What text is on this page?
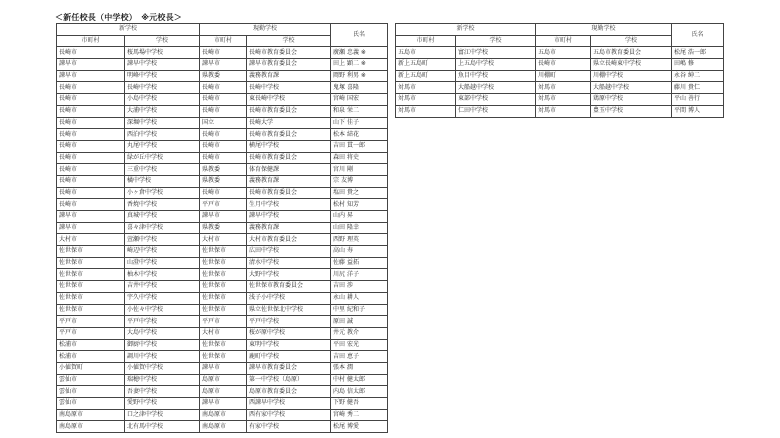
＜新任校長（中学校）　※元校長＞
新学校		現勤学校		氏名
市町村	学校	市町村	学校	
長崎市	桜馬場中学校	長崎市	長崎市教育委員会	廣瀬 忠義 ※
諫早市	諫早中学校	諫早市	諫早市教育委員会	田上 顕二 ※
諫早市	明峰中学校	県教委	義務教育課	岡野 利男 ※
長崎市	長崎中学校	長崎市	長崎中学校	鬼塚 喜隆
長崎市	小島中学校	長崎市	東長崎中学校	宮崎 国宏
長崎市	大浦中学校	長崎市	長崎市教育委員会	和泉 栄二
長崎市	深堀中学校	国立	長崎大学	山下 佳子
長崎市	西泊中学校	長崎市	長崎市教育委員会	松本 結花
長崎市	丸尾中学校	長崎市	横尾中学校	吉田 貫一郎
長崎市	緑が丘中学校	長崎市	長崎市教育委員会	森田 将史
長崎市	三重中学校	県教委	体育保健課	宮川 剛
長崎市	橘中学校	県教委	義務教育課	宗 友博
長崎市	小ヶ倉中学校	長崎市	長崎市教育委員会	塩田 貴之
長崎市	香焼中学校	平戸市	生月中学校	松村 知芳
諫早市	真城中学校	諫早市	諫早中学校	山内 昇
諫早市	喜々津中学校	県教委	義務教育課	山田 隆幸
大村市	萱瀬中学校	大村市	大村市教育委員会	西野 理英
佐世保市	崎辺中学校	佐世保市	広田中学校	高山 寿
佐世保市	山澄中学校	佐世保市	清水中学校	佐藤 益拓
佐世保市	柚木中学校	佐世保市	大野中学校	川尻 洋子
佐世保市	吉井中学校	佐世保市	佐世保市教育委員会	吉田 渉
佐世保市	宇久中学校	佐世保市	浅子小中学校	永山 耕人
佐世保市	小佐々中学校	佐世保市	県立佐世保北中学校	中里 紀和子
平戸市	平戸中学校	平戸市	平戸中学校	原田 誠
平戸市	大島中学校	大村市	桜が原中学校	井元 教介
松浦市	御厨中学校	佐世保市	東明中学校	平田 宏光
松浦市	調川中学校	佐世保市	鹿町中学校	吉田 恵子
小値賀町	小値賀中学校	諫早市	諫早市教育委員会	張本 潤
雲仙市	瑞穂中学校	島原市	第一中学校（島原）	中村 健太郎
雲仙市	吾妻中学校	島原市	島原市教育委員会	内島 信太郎
雲仙市	愛野中学校	諫早市	西諫早中学校	下野 健吾
南島原市	口之津中学校	南島原市	西有家中学校	宮崎 秀二
南島原市	北有馬中学校	南島原市	有家中学校	松尾 博愛
新学校		現勤学校		氏名
市町村	学校	市町村	学校	
五島市	富江中学校	五島市	五島市教育委員会	松尾 浩一郎
新上五島町	上五島中学校	長崎市	県立長崎東中学校	田嶋 修
新上五島町	魚目中学校	川棚町	川棚中学校	永谷 紳二
対馬市	大船越中学校	対馬市	大船越中学校	藤川 貴仁
対馬市	東部中学校	対馬市	鶏原中学校	平山 善行
対馬市	仁田中学校	対馬市	豊玉中学校	平間 博人
